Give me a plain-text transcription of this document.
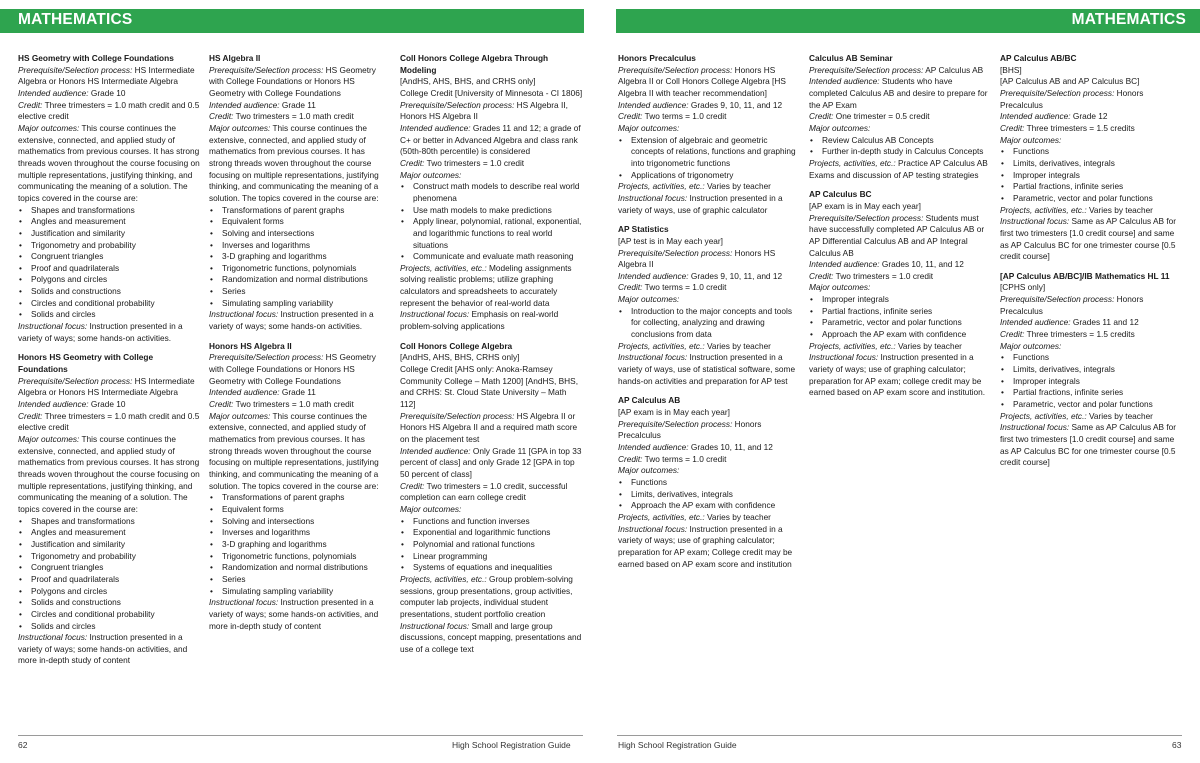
MATHEMATICS	MATHEMATICS
HS Geometry with College Foundations
Prerequisite/Selection process: HS Intermediate Algebra or Honors HS Intermediate Algebra
Intended audience: Grade 10
Credit: Three trimesters = 1.0 math credit and 0.5 elective credit
Major outcomes: This course continues the extensive, connected, and applied study of mathematics from previous courses. It has strong threads woven throughout the course focusing on multiple representations, justifying thinking, and communicating the meaning of a solution. The topics covered in the course are:
• Shapes and transformations
• Angles and measurement
• Justification and similarity
• Trigonometry and probability
• Congruent triangles
• Proof and quadrilaterals
• Polygons and circles
• Solids and constructions
• Circles and conditional probability
• Solids and circles
Instructional focus: Instruction presented in a variety of ways; some hands-on activities.
Honors HS Geometry with College Foundations
Prerequisite/Selection process: HS Intermediate Algebra or Honors HS Intermediate Algebra
Intended audience: Grade 10
Credit: Three trimesters = 1.0 math credit and 0.5 elective credit
Major outcomes: This course continues the extensive, connected, and applied study of mathematics from previous courses. It has strong threads woven throughout the course focusing on multiple representations, justifying thinking, and communicating the meaning of a solution. The topics covered in the course are:
• Shapes and transformations
• Angles and measurement
• Justification and similarity
• Trigonometry and probability
• Congruent triangles
• Proof and quadrilaterals
• Polygons and circles
• Solids and constructions
• Circles and conditional probability
• Solids and circles
Instructional focus: Instruction presented in a variety of ways; some hands-on activities, and more in-depth study of content
HS Algebra II
Prerequisite/Selection process: HS Geometry with College Foundations or Honors HS Geometry with College Foundations
Intended audience: Grade 11
Credit: Two trimesters = 1.0 math credit
Major outcomes: This course continues the extensive, connected, and applied study of mathematics from previous courses. It has strong threads woven throughout the course focusing on multiple representations, justifying thinking, and communicating the meaning of a solution. The topics covered in the course are:
• Transformations of parent graphs
• Equivalent forms
• Solving and intersections
• Inverses and logarithms
• 3-D graphing and logarithms
• Trigonometric functions, polynomials
• Randomization and normal distributions
• Series
• Simulating sampling variability
Instructional focus: Instruction presented in a variety of ways; some hands-on activities.
Honors HS Algebra II
Prerequisite/Selection process: HS Geometry with College Foundations or Honors HS Geometry with College Foundations
Intended audience: Grade 11
Credit: Two trimesters = 1.0 math credit
Major outcomes: This course continues the extensive, connected, and applied study of mathematics from previous courses. It has strong threads woven throughout the course focusing on multiple representations, justifying thinking, and communicating the meaning of a solution. The topics covered in the course are:
• Transformations of parent graphs
• Equivalent forms
• Solving and intersections
• Inverses and logarithms
• 3-D graphing and logarithms
• Trigonometric functions, polynomials
• Randomization and normal distributions
• Series
• Simulating sampling variability
Instructional focus: Instruction presented in a variety of ways; some hands-on activities, and more in-depth study of content
Coll Honors College Algebra Through Modeling
[AndHS, AHS, BHS, and CRHS only]
College Credit [University of Minnesota - CI 1806]
Prerequisite/Selection process: HS Algebra II, Honors HS Algebra II
Intended audience: Grades 11 and 12; a grade of C+ or better in Advanced Algebra and class rank (50th-80th percentile) is considered
Credit: Two trimesters = 1.0 credit
Major outcomes:
• Construct math models to describe real world phenomena
• Use math models to make predictions
• Apply linear, polynomial, rational, exponential, and logarithmic functions to real world situations
• Communicate and evaluate math reasoning
Projects, activities, etc.: Modeling assignments solving realistic problems; utilize graphing calculators and spreadsheets to accurately represent the behavior of real-world data
Instructional focus: Emphasis on real-world problem-solving applications
Coll Honors College Algebra
[AndHS, AHS, BHS, CRHS only]
College Credit [AHS only: Anoka-Ramsey Community College – Math 1200] [AndHS, BHS, and CRHS: St. Cloud State University – Math 112]
Prerequisite/Selection process: HS Algebra II or Honors HS Algebra II and a required math score on the placement test
Intended audience: Only Grade 11 [GPA in top 33 percent of class] and only Grade 12 [GPA in top 50 percent of class]
Credit: Two trimesters = 1.0 credit, successful completion can earn college credit
Major outcomes:
• Functions and function inverses
• Exponential and logarithmic functions
• Polynomial and rational functions
• Linear programming
• Systems of equations and inequalities
Projects, activities, etc.: Group problem-solving sessions, group presentations, group activities, computer lab projects, individual student presentations, student portfolio creation
Instructional focus: Small and large group discussions, concept mapping, presentations and use of a college text
Honors Precalculus
Prerequisite/Selection process: Honors HS Algebra II or Coll Honors College Algebra [HS Algebra II with teacher recommendation]
Intended audience: Grades 9, 10, 11, and 12
Credit: Two terms = 1.0 credit
Major outcomes:
• Extension of algebraic and geometric concepts of relations, functions and graphing into trigonometric functions
• Applications of trigonometry
Projects, activities, etc.: Varies by teacher
Instructional focus: Instruction presented in a variety of ways, use of graphic calculator
AP Statistics
[AP test is in May each year]
Prerequisite/Selection process: Honors HS Algebra II
Intended audience: Grades 9, 10, 11, and 12
Credit: Two terms = 1.0 credit
Major outcomes:
• Introduction to the major concepts and tools for collecting, analyzing and drawing conclusions from data
Projects, activities, etc.: Varies by teacher
Instructional focus: Instruction presented in a variety of ways, use of statistical software, some hands-on activities and preparation for AP test
AP Calculus AB
[AP exam is in May each year]
Prerequisite/Selection process: Honors Precalculus
Intended audience: Grades 10, 11, and 12
Credit: Two terms = 1.0 credit
Major outcomes:
• Functions
• Limits, derivatives, integrals
• Approach the AP exam with confidence
Projects, activities, etc.: Varies by teacher
Instructional focus: Instruction presented in a variety of ways; use of graphing calculator; preparation for AP exam; College credit may be earned based on AP exam score and institution
Calculus AB Seminar
Prerequisite/Selection process: AP Calculus AB
Intended audience: Students who have completed Calculus AB and desire to prepare for the AP Exam
Credit: One trimester = 0.5 credit
Major outcomes:
• Review Calculus AB Concepts
• Further in-depth study in Calculus Concepts
Projects, activities, etc.: Practice AP Calculus AB Exams and discussion of AP testing strategies
AP Calculus BC
[AP exam is in May each year]
Prerequisite/Selection process: Students must have successfully completed AP Calculus AB or AP Differential Calculus AB and AP Integral Calculus AB
Intended audience: Grades 10, 11, and 12
Credit: Two trimesters = 1.0 credit
Major outcomes:
• Improper integrals
• Partial fractions, infinite series
• Parametric, vector and polar functions
• Approach the AP exam with confidence
Projects, activities, etc.: Varies by teacher
Instructional focus: Instruction presented in a variety of ways; use of graphing calculator; preparation for AP exam; college credit may be earned based on AP exam score and institution.
AP Calculus AB/BC
[BHS]
[AP Calculus AB and AP Calculus BC]
Prerequisite/Selection process: Honors Precalculus
Intended audience: Grade 12
Credit: Three trimesters = 1.5 credits
Major outcomes:
• Functions
• Limits, derivatives, integrals
• Improper integrals
• Partial fractions, infinite series
• Parametric, vector and polar functions
Projects, activities, etc.: Varies by teacher
Instructional focus: Same as AP Calculus AB for first two trimesters [1.0 credit course] and same as AP Calculus BC for one trimester course [0.5 credit course]
[AP Calculus AB/BC]/IB Mathematics HL 11
[CPHS only]
Prerequisite/Selection process: Honors Precalculus
Intended audience: Grades 11 and 12
Credit: Three trimesters = 1.5 credits
Major outcomes:
• Functions
• Limits, derivatives, integrals
• Improper integrals
• Partial fractions, infinite series
• Parametric, vector and polar functions
Projects, activities, etc.: Varies by teacher
Instructional focus: Same as AP Calculus AB for first two trimesters [1.0 credit course] and same as AP Calculus BC for one trimester course [0.5 credit course]
62	High School Registration Guide	High School Registration Guide	63
